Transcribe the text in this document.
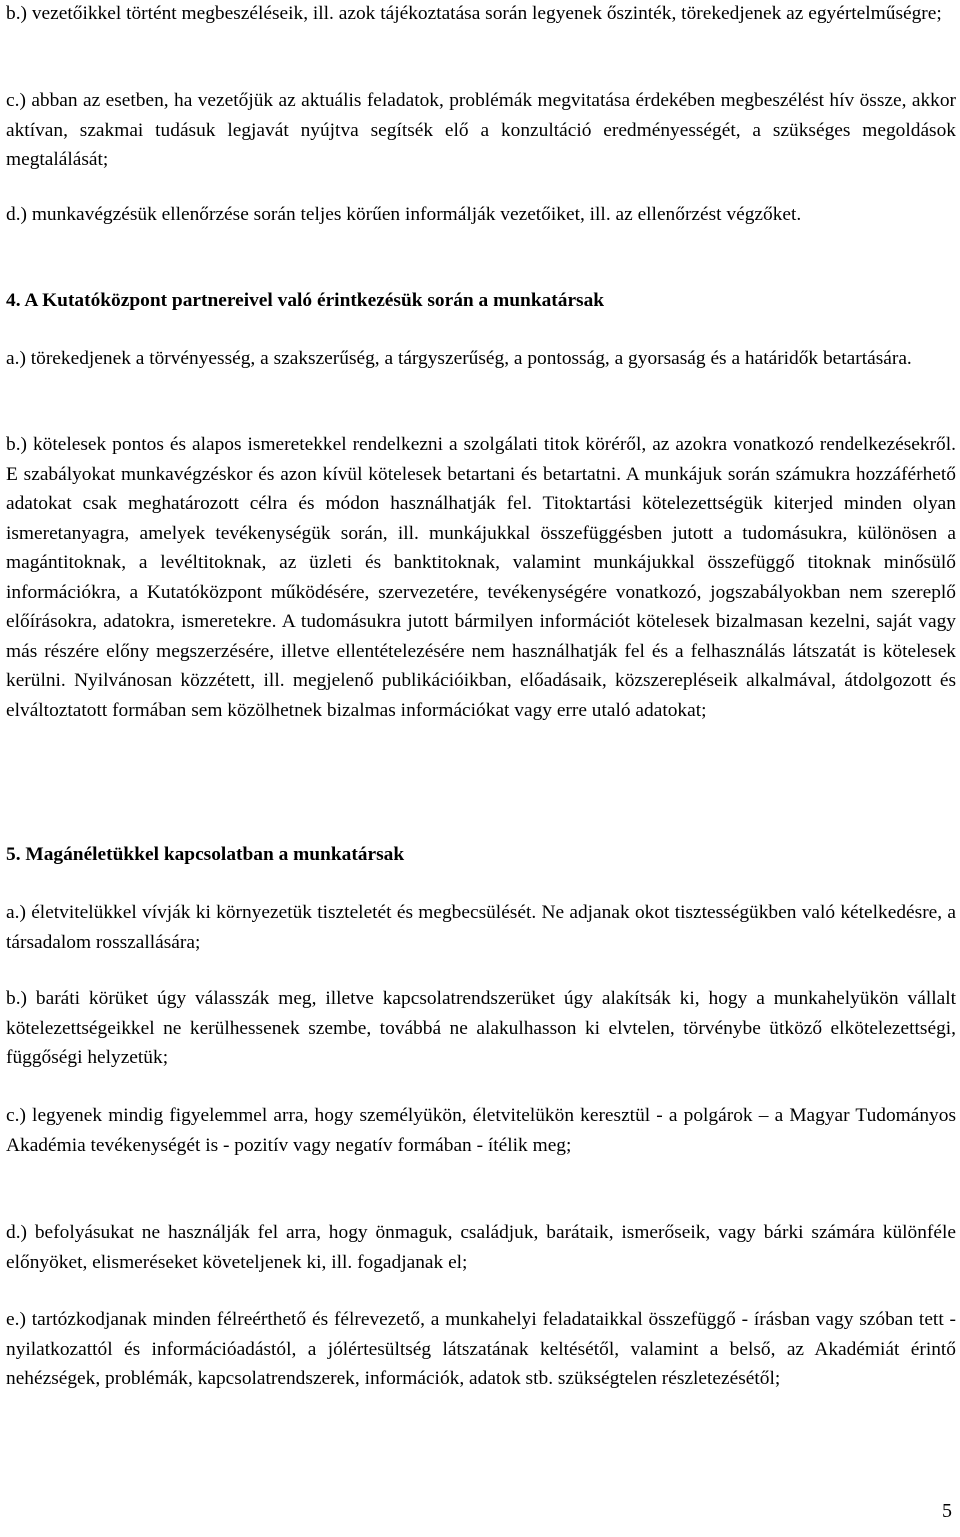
b.) vezetőikkel történt megbeszéléseik, ill. azok tájékoztatása során legyenek őszinték, törekedjenek az egyértelműségre;

c.) abban az esetben, ha vezetőjük az aktuális feladatok, problémák megvitatása érdekében megbeszélést hív össze, akkor aktívan, szakmai tudásuk legjavát nyújtva segítsék elő a konzultáció eredményességét, a szükséges megoldások megtalálását;

d.) munkavégzésük ellenőrzése során teljes körűen informálják vezetőiket, ill. az ellenőrzést végzőket.

4. A Kutatóközpont partnereivel való érintkezésük során a munkatársak

a.) törekedjenek a törvényesség, a szakszerűség, a tárgyszerűség, a pontosság, a gyorsaság és a határidők betartására.

b.) kötelesek pontos és alapos ismeretekkel rendelkezni a szolgálati titok köréről, az azokra vonatkozó rendelkezésekről. E szabályokat munkavégzéskor és azon kívül kötelesek betartani és betartatni. A munkájuk során számukra hozzáférhető adatokat csak meghatározott célra és módon használhatják fel. Titoktartási kötelezettségük kiterjed minden olyan ismeretanyagra, amelyek tevékenységük során, ill. munkájukkal összefüggésben jutott a tudomásukra, különösen a magántitoknak, a levéltitoknak, az üzleti és banktitoknak, valamint munkájukkal összefüggő titoknak minősülő információkra, a Kutatóközpont működésére, szervezetére, tevékenységére vonatkozó, jogszabályokban nem szereplő előírásokra, adatokra, ismeretekre. A tudomásukra jutott bármilyen információt kötelesek bizalmasan kezelni, saját vagy más részére előny megszerzésére, illetve ellentételezésére nem használhatják fel és a felhasználás látszatát is kötelesek kerülni. Nyilvánosan közzétett, ill. megjelenő publikációikban, előadásaik, közszerepléseik alkalmával, átdolgozott és elváltoztatott formában sem közölhetnek bizalmas információkat vagy erre utaló adatokat;

5. Magánéletükkel kapcsolatban a munkatársak

a.) életvitelükkel vívják ki környezetük tiszteletét és megbecsülését. Ne adjanak okot tisztességükben való kételkedésre, a társadalom rosszallására;

b.) baráti körüket úgy válasszák meg, illetve kapcsolatrendszerüket úgy alakítsák ki, hogy a munkahelyükön vállalt kötelezettségeikkel ne kerülhessenek szembe, továbbá ne alakulhasson ki elvtelen, törvénybe ütköző elkötelezettségi, függőségi helyzetük;

c.) legyenek mindig figyelemmel arra, hogy személyükön, életvitelükön keresztül - a polgárok – a Magyar Tudományos Akadémia tevékenységét is - pozitív vagy negatív formában - ítélik meg;

d.) befolyásukat ne használják fel arra, hogy önmaguk, családjuk, barátaik, ismerőseik, vagy bárki számára különféle előnyöket, elismeréseket követeljenek ki, ill. fogadjanak el;

e.) tartózkodjanak minden félreérthető és félrevezető, a munkahelyi feladataikkal összefüggő - írásban vagy szóban tett - nyilatkozattól és információadástól, a jólértesültség látszatának keltésétől, valamint a belső, az Akadémiát érintő nehézségek, problémák, kapcsolatrendszerek, információk, adatok stb. szükségtelen részletezésétől;

5
